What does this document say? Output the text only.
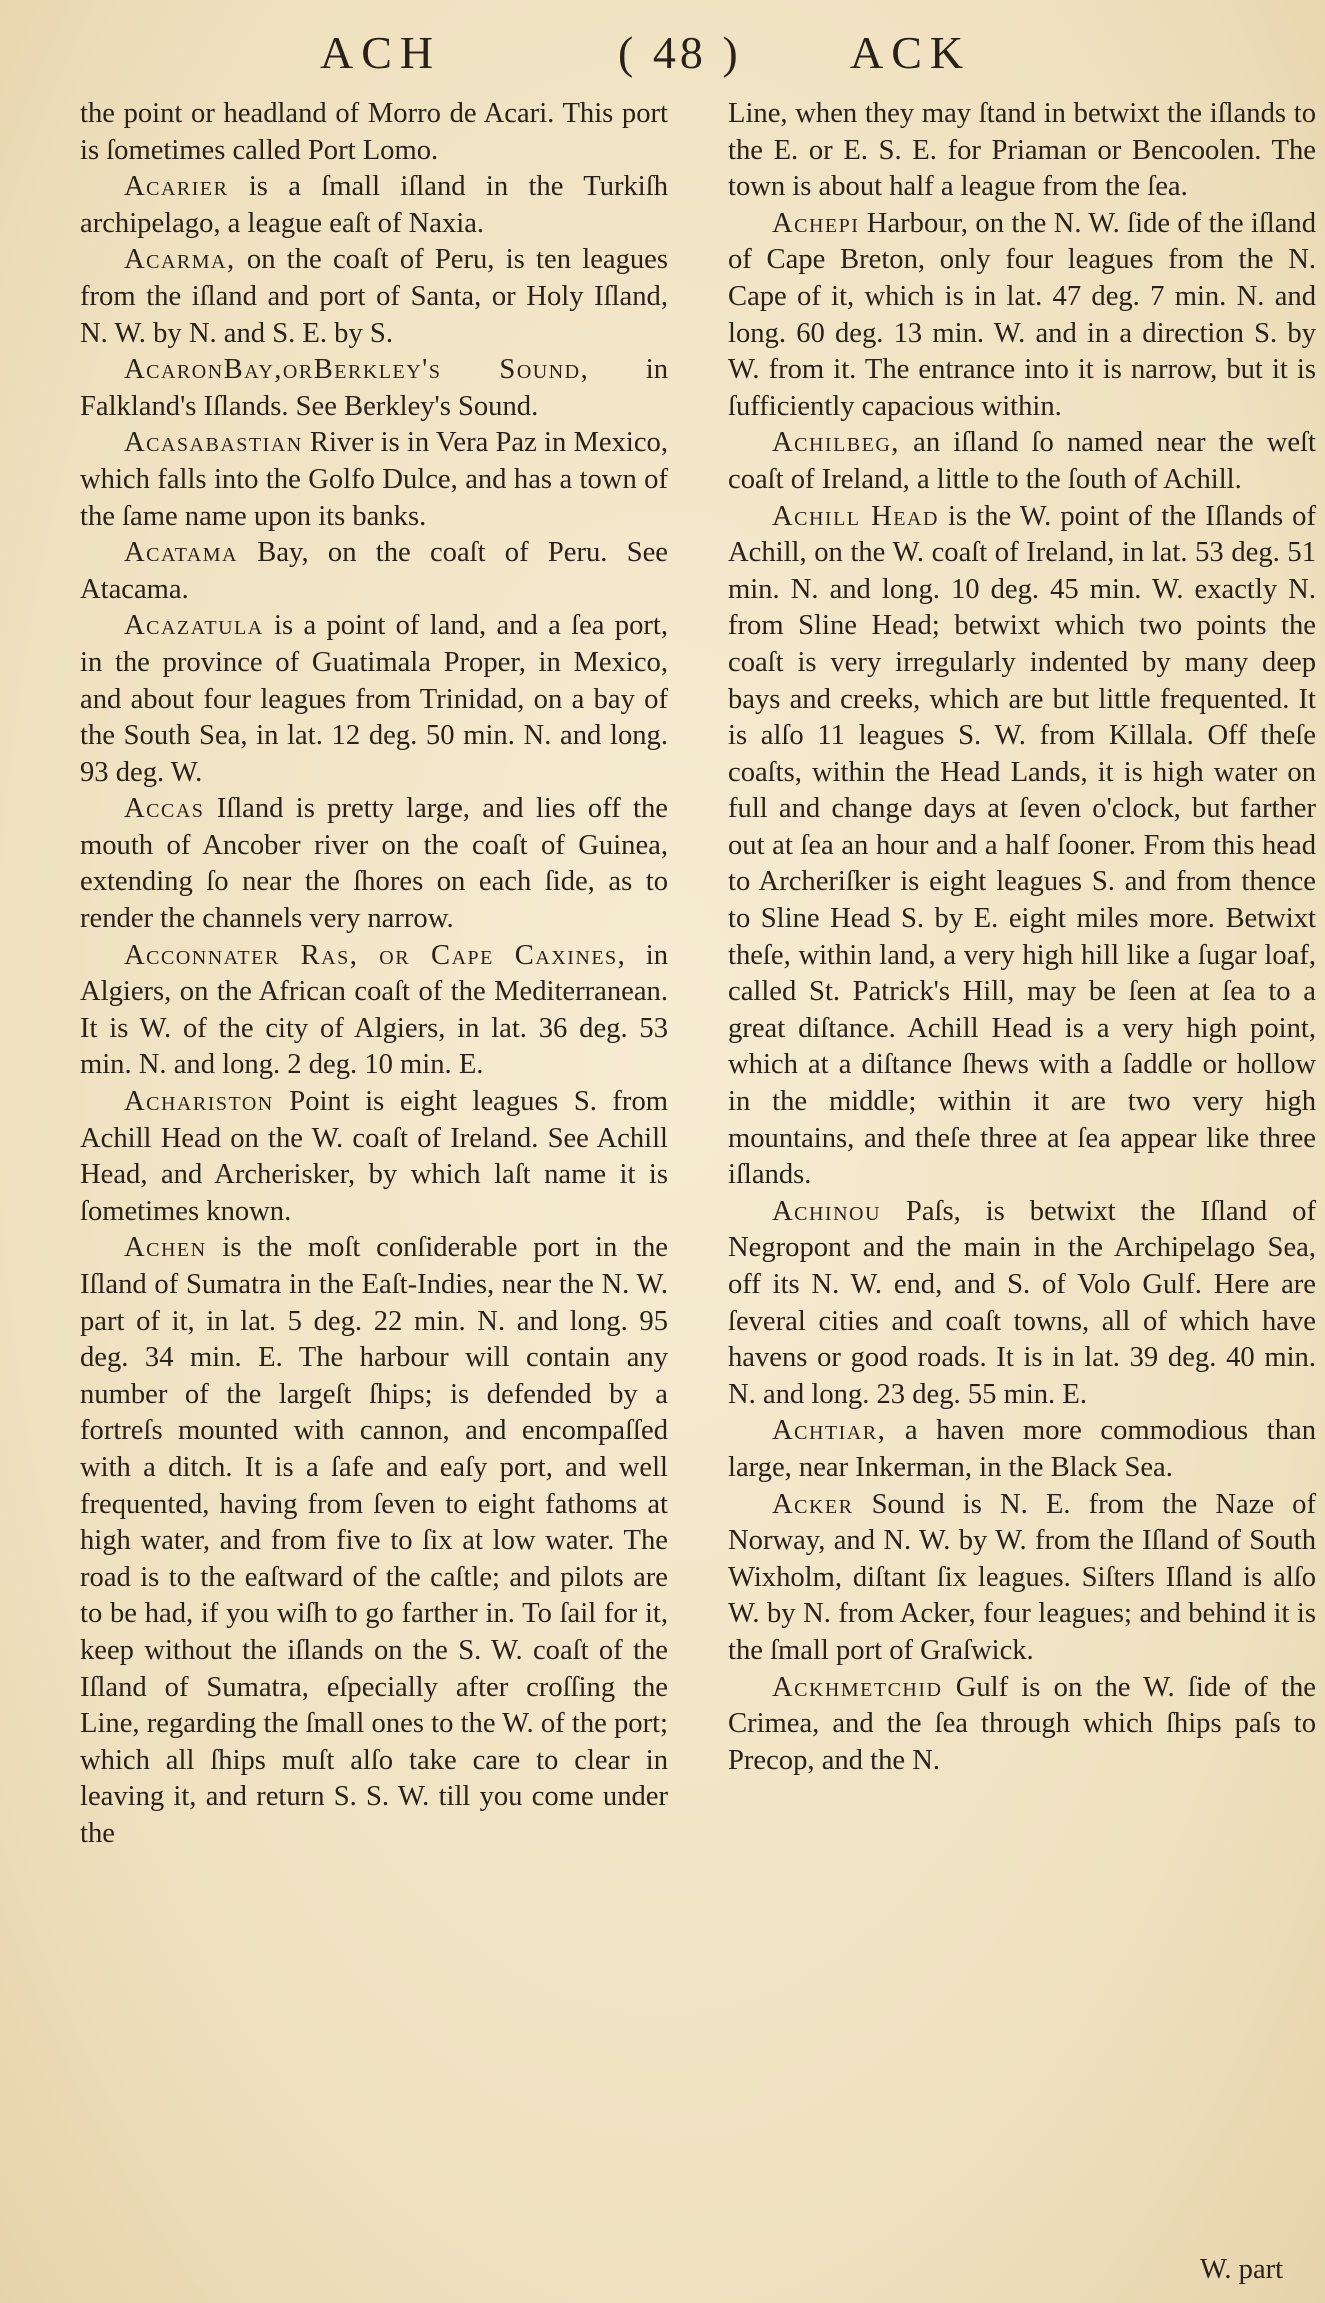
ACH	( 48 ) ACK

the point or headland of Morro de Acari. This port is ſometimes called Port Lomo.

Acarier is a ſmall iſland in the Turkiſh archipelago, a league eaſt of Naxia.

Acarma, on the coaſt of Peru, is ten leagues from the iſland and port of Santa, or Holy Iſland, N. W. by N. and S. E. by S.

AcaronBay,orBerkley's Sound, in Falkland's Iſlands. See Berkley's Sound.

Acasabastian River is in Vera Paz in Mexico, which falls into the Golfo Dulce, and has a town of the ſame name upon its banks.

Acatama Bay, on the coaſt of Peru. See Atacama.

Acazatula is a point of land, and a ſea port, in the province of Guatimala Proper, in Mexico, and about four leagues from Trinidad, on a bay of the South Sea, in lat. 12 deg. 50 min. N. and long. 93 deg. W.

Accas Iſland is pretty large, and lies off the mouth of Ancober river on the coaſt of Guinea, extending ſo near the ſhores on each ſide, as to render the channels very narrow.

Acconnater Ras, or Cape Caxines, in Algiers, on the African coaſt of the Mediterranean. It is W. of the city of Algiers, in lat. 36 deg. 53 min. N. and long. 2 deg. 10 min. E.

Achariston Point is eight leagues S. from Achill Head on the W. coaſt of Ireland. See Achill Head, and Archerisker, by which laſt name it is ſometimes known.

Achen is the moſt conſiderable port in the Iſland of Sumatra in the Eaſt-Indies, near the N. W. part of it, in lat. 5 deg. 22 min. N. and long. 95 deg. 34 min. E. The harbour will contain any number of the largeſt ſhips; is defended by a fortreſs mounted with cannon, and encompaſſed with a ditch. It is a ſafe and eaſy port, and well frequented, having from ſeven to eight fathoms at high water, and from five to ſix at low water. The road is to the eaſtward of the caſtle; and pilots are to be had, if you wiſh to go farther in. To ſail for it, keep without the iſlands on the S. W. coaſt of the Iſland of Sumatra, eſpecially after croſſing the Line, regarding the ſmall ones to the W. of the port; which all ſhips muſt alſo take care to clear in leaving it, and return S. S. W. till you come under the

Line, when they may ſtand in betwixt the iſlands to the E. or E. S. E. for Priaman or Bencoolen. The town is about half a league from the ſea.

Achepi Harbour, on the N. W. ſide of the iſland of Cape Breton, only four leagues from the N. Cape of it, which is in lat. 47 deg. 7 min. N. and long. 60 deg. 13 min. W. and in a direction S. by W. from it. The entrance into it is narrow, but it is ſufficiently capacious within.

Achilbeg, an iſland ſo named near the weſt coaſt of Ireland, a little to the ſouth of Achill.

Achill Head is the W. point of the Iſlands of Achill, on the W. coaſt of Ireland, in lat. 53 deg. 51 min. N. and long. 10 deg. 45 min. W. exactly N. from Sline Head; betwixt which two points the coaſt is very irregularly indented by many deep bays and creeks, which are but little frequented. It is alſo 11 leagues S. W. from Killala. Off theſe coaſts, within the Head Lands, it is high water on full and change days at ſeven o'clock, but farther out at ſea an hour and a half ſooner. From this head to Archeriſker is eight leagues S. and from thence to Sline Head S. by E. eight miles more. Betwixt theſe, within land, a very high hill like a ſugar loaf, called St. Patrick's Hill, may be ſeen at ſea to a great diſtance. Achill Head is a very high point, which at a diſtance ſhews with a ſaddle or hollow in the middle; within it are two very high mountains, and theſe three at ſea appear like three iſlands.

Achinou Paſs, is betwixt the Iſland of Negropont and the main in the Archipelago Sea, off its N. W. end, and S. of Volo Gulf. Here are ſeveral cities and coaſt towns, all of which have havens or good roads. It is in lat. 39 deg. 40 min. N. and long. 23 deg. 55 min. E.

Achtiar, a haven more commodious than large, near Inkerman, in the Black Sea.

Acker Sound is N. E. from the Naze of Norway, and N. W. by W. from the Iſland of South Wixholm, diſtant ſix leagues. Siſters Iſland is alſo W. by N. from Acker, four leagues; and behind it is the ſmall port of Graſwick.

Ackhmetchid Gulf is on the W. ſide of the Crimea, and the ſea through which ſhips paſs to Precop, and the N.

W. part
